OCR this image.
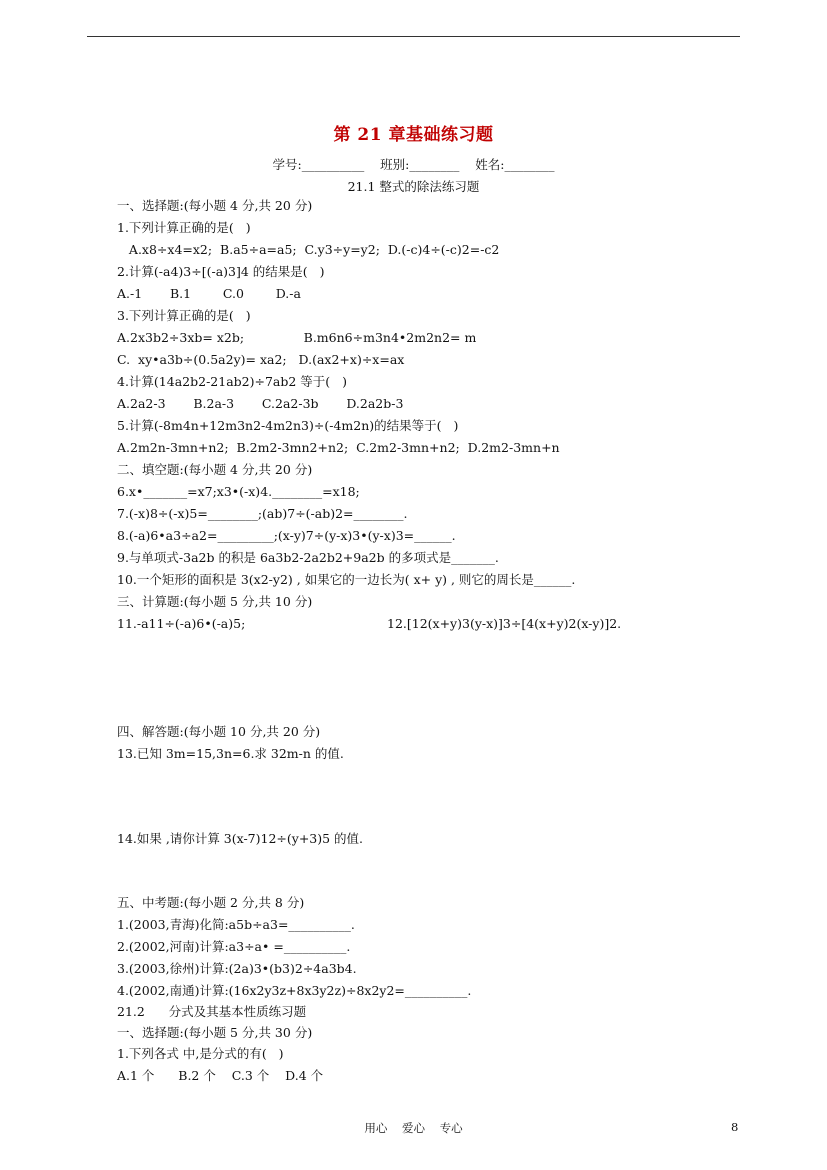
第 21 章基础练习题
学号:__________    班别:________    姓名:________
21.1 整式的除法练习题
一、选择题:(每小题 4 分,共 20 分)
1.下列计算正确的是(   )
A.x8÷x4=x2;  B.a5÷a=a5;  C.y3÷y=y2;  D.(-c)4÷(-c)2=-c2
2.计算(-a4)3÷[(-a)3]4 的结果是(   )
A.-1       B.1        C.0        D.-a
3.下列计算正确的是(   )
A.2x3b2÷3xb= x2b;               B.m6n6÷m3n4•2m2n2= m
C.  xy•a3b÷(0.5a2y)= xa2;   D.(ax2+x)÷x=ax
4.计算(14a2b2-21ab2)÷7ab2 等于(   )
A.2a2-3       B.2a-3       C.2a2-3b       D.2a2b-3
5.计算(-8m4n+12m3n2-4m2n3)÷(-4m2n)的结果等于(   )
A.2m2n-3mn+n2;  B.2m2-3mn2+n2;  C.2m2-3mn+n2;  D.2m2-3mn+n
二、填空题:(每小题 4 分,共 20 分)
6.x•_______=x7;x3•(-x)4.________=x18;
7.(-x)8÷(-x)5=________;(ab)7÷(-ab)2=________.
8.(-a)6•a3÷a2=_________;(x-y)7÷(y-x)3•(y-x)3=______.
9.与单项式-3a2b 的积是 6a3b2-2a2b2+9a2b 的多项式是_______.
10.一个矩形的面积是 3(x2-y2) , 如果它的一边长为( x+ y) , 则它的周长是______.
三、计算题:(每小题 5 分,共 10 分)
11.-a11÷(-a)6•(-a)5;	12.[12(x+y)3(y-x)]3÷[4(x+y)2(x-y)]2.
四、解答题:(每小题 10 分,共 20 分)
13.已知 3m=15,3n=6.求 32m-n 的值.
14.如果 ,请你计算 3(x-7)12÷(y+3)5 的值.
五、中考题:(每小题 2 分,共 8 分)
1.(2003,青海)化简:a5b÷a3=__________.
2.(2002,河南)计算:a3÷a• =__________.
3.(2003,徐州)计算:(2a)3•(b3)2÷4a3b4.
4.(2002,南通)计算:(16x2y3z+8x3y2z)÷8x2y2=__________.
21.2      分式及其基本性质练习题
一、选择题:(每小题 5 分,共 30 分)
1.下列各式 中,是分式的有(   )
A.1 个      B.2 个    C.3 个    D.4 个
用心    爱心    专心	8
